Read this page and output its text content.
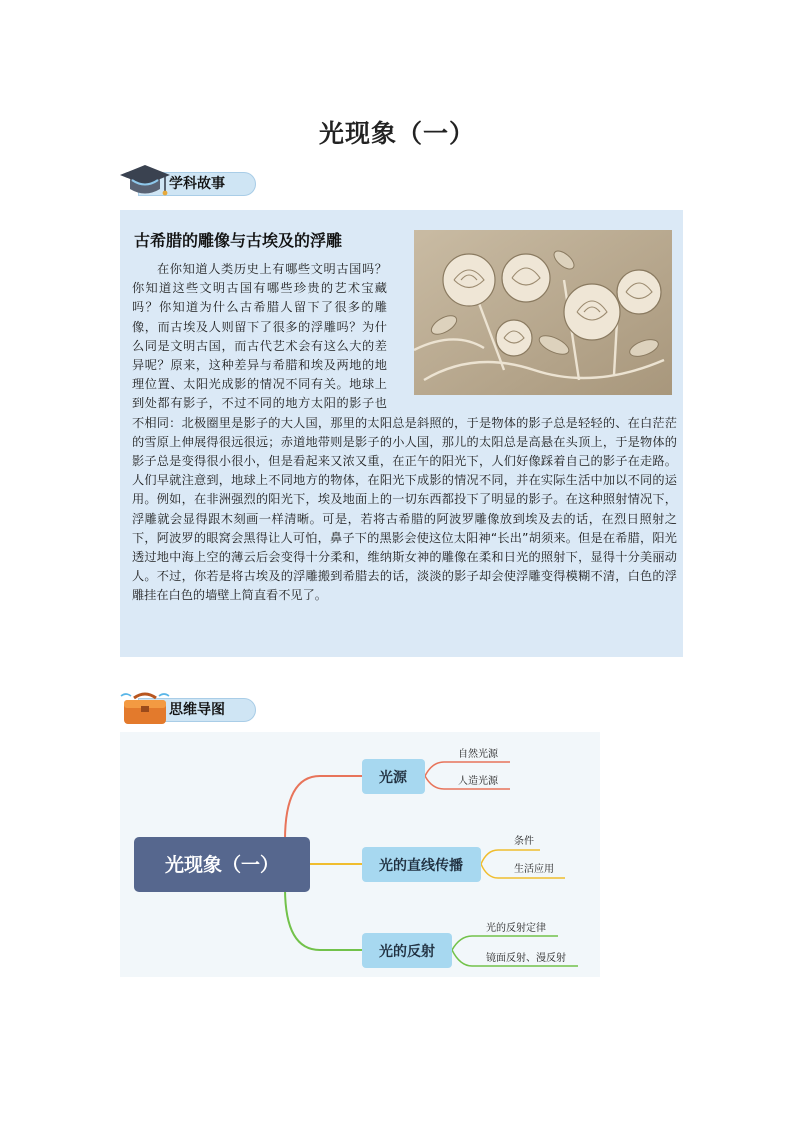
光现象（一）
学科故事
古希腊的雕像与古埃及的浮雕

  在你知道人类历史上有哪些文明古国吗？你知道这些文明古国有哪些珍贵的艺术宝藏吗？你知道为什么古希腊人留下了很多的雕像，而古埃及人则留下了很多的浮雕吗？为什么同是文明古国，而古代艺术会有这么大的差异呢？原来，这种差异与希腊和埃及两地的地理位置、太阳光成影的情况不同有关。地球上到处都有影子，不过不同的地方太阳的影子也不相同：北极圈里是影子的大人国，那里的太阳总是斜照的，于是物体的影子总是轻轻的、在白茫茫的雪原上伸展得很远很远；赤道地带则是影子的小人国，那儿的太阳总是高悬在头顶上，于是物体的影子总是变得很小很小，但是看起来又浓又重，在正午的阳光下，人们好像踩着自己的影子在走路。人们早就注意到，地球上不同地方的物体，在阳光下成影的情况不同，并在实际生活中加以不同的运用。例如，在非洲强烈的阳光下，埃及地面上的一切东西都投下了明显的影子。在这种照射情况下，浮雕就会显得跟木刻画一样清晰。可是，若将古希腊的阿波罗雕像放到埃及去的话，在烈日照射之下，阿波罗的眼窝会黑得让人可怕，鼻子下的黑影会使这位太阳神“长出”胡须来。但是在希腊，阳光透过地中海上空的薄云后会变得十分柔和，维纳斯女神的雕像在柔和日光的照射下，显得十分美丽动人。不过，你若是将古埃及的浮雕搬到希腊去的话，淡淡的影子却会使浮雕变得模糊不清，白色的浮雕挂在白色的墙壁上简直看不见了。

思维导图
光现象（一）
光源
光的直线传播
光的反射
自然光源
人造光源
条件
生活应用
光的反射定律
镜面反射、漫反射
